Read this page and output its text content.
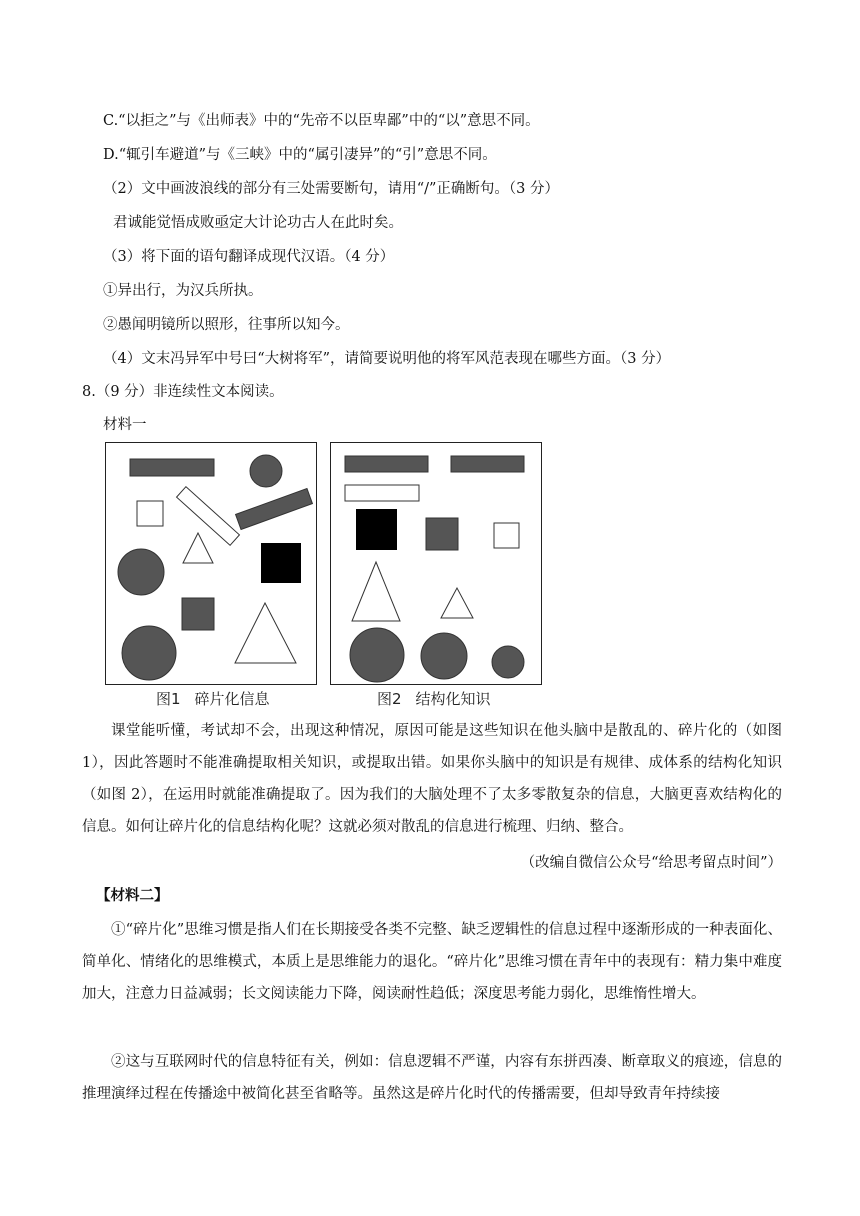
C.“以拒之”与《出师表》中的“先帝不以臣卑鄙”中的“以”意思不同。
D.“辄引车避道”与《三峡》中的“属引凄异”的“引”意思不同。
（2）文中画波浪线的部分有三处需要断句，请用“/”正确断句。（3 分）
君诚能觉悟成败亟定大计论功古人在此时矣。
（3）将下面的语句翻译成现代汉语。（4 分）
①异出行，为汉兵所执。
②愚闻明镜所以照形，往事所以知今。
（4）文末冯异军中号曰“大树将军”，请简要说明他的将军风范表现在哪些方面。（3 分）
8.（9 分）非连续性文本阅读。
材料一
图1 碎片化信息	图2 结构化知识
课堂能听懂，考试却不会，出现这种情况，原因可能是这些知识在他头脑中是散乱的、碎片化的（如图 1），因此答题时不能准确提取相关知识，或提取出错。如果你头脑中的知识是有规律、成体系的结构化知识（如图 2），在运用时就能准确提取了。因为我们的大脑处理不了太多零散复杂的信息，大脑更喜欢结构化的信息。如何让碎片化的信息结构化呢？这就必须对散乱的信息进行梳理、归纳、整合。
（改编自微信公众号“给思考留点时间”）
【材料二】
①“碎片化”思维习惯是指人们在长期接受各类不完整、缺乏逻辑性的信息过程中逐渐形成的一种表面化、简单化、情绪化的思维模式，本质上是思维能力的退化。“碎片化”思维习惯在青年中的表现有：精力集中难度加大，注意力日益减弱；长文阅读能力下降，阅读耐性趋低；深度思考能力弱化，思维惰性增大。
②这与互联网时代的信息特征有关，例如：信息逻辑不严谨，内容有东拼西凑、断章取义的痕迹，信息的推理演绎过程在传播途中被简化甚至省略等。虽然这是碎片化时代的传播需要，但却导致青年持续接
